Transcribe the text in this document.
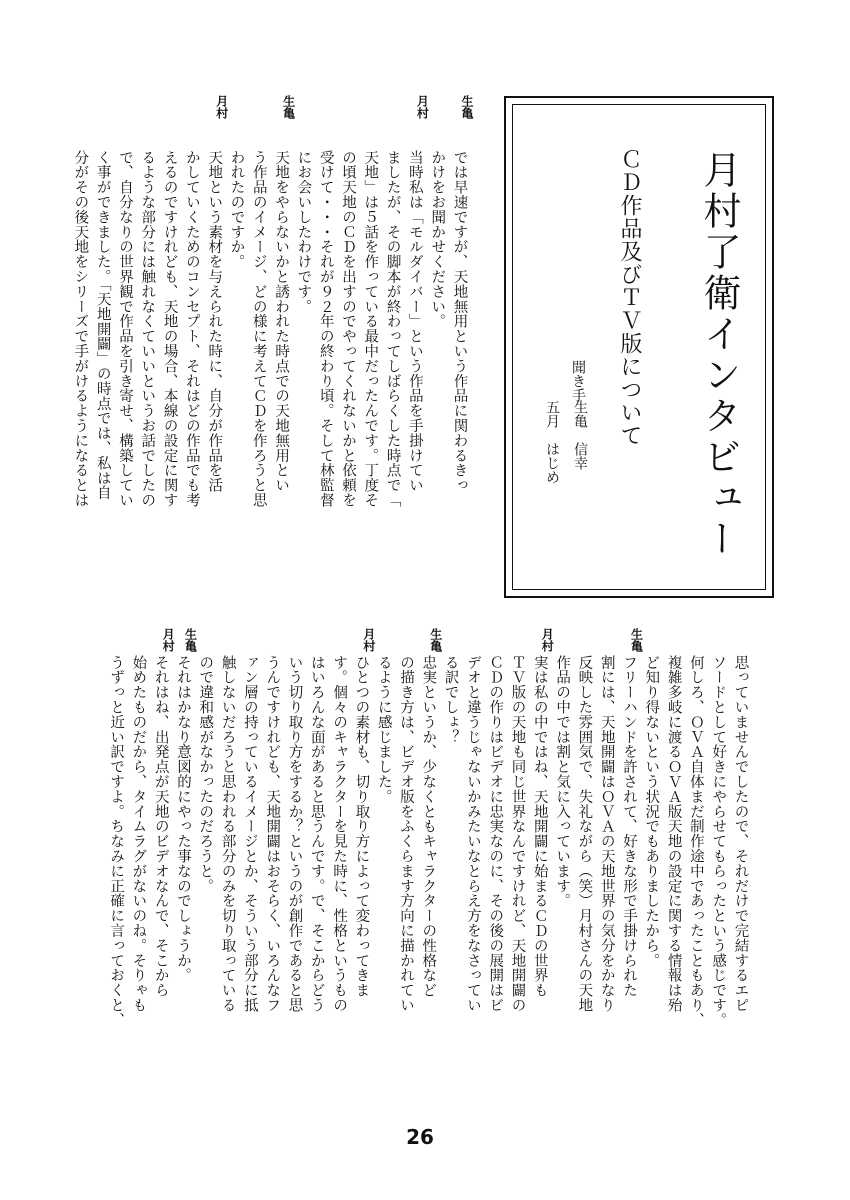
月村了衛インタビュー
ＣＤ作品及びＴＶ版について
聞き手
生亀　信幸
五月　はじめ
生亀
では早速ですが、天地無用という作品に関わるきっ
かけをお聞かせください。
月村
当時私は「モルダイバー」という作品を手掛けてい
ましたが、その脚本が終わってしばらくした時点で「
天地」は５話を作っている最中だったんです。丁度そ
の頃天地のＣＤを出すのでやってくれないかと依頼を
受けて・・・それが９２年の終わり頃。そして林監督
にお会いしたわけです。
生亀
天地をやらないかと誘われた時点での天地無用とい
う作品のイメージ、どの様に考えてＣＤを作ろうと思
われたのですか。
月村
天地という素材を与えられた時に、自分が作品を活
かしていくためのコンセプト、それはどの作品でも考
えるのですけれども、天地の場合、本線の設定に関す
るような部分には触れなくていいというお話でしたの
で、自分なりの世界観で作品を引き寄せ、構築してい
く事ができました。「天地開闢」の時点では、私は自
分がその後天地をシリーズで手がけるようになるとは
思っていませんでしたので、それだけで完結するエピ
ソードとして好きにやらせてもらったという感じです。
何しろ、ＯＶＡ自体まだ制作途中であったこともあり、
複雑多岐に渡るＯＶＡ版天地の設定に関する情報は殆
ど知り得ないという状況でもありましたから。
生亀
フリーハンドを許されて、好きな形で手掛けられた
割には、天地開闢はＯＶＡの天地世界の気分をかなり
反映した雰囲気で、失礼ながら（笑）月村さんの天地
作品の中では割と気に入っています。
月村
実は私の中ではね、天地開闢に始まるＣＤの世界も
ＴＶ版の天地も同じ世界なんですけれど、天地開闢の
ＣＤの作りはビデオに忠実なのに、その後の展開はビ
デオと違うじゃないかみたいなとらえ方をなさってい
る訳でしょ？
生亀
忠実というか、少なくともキャラクターの性格など
の描き方は、ビデオ版をふくらます方向に描かれてい
るように感じました。
月村
ひとつの素材も、切り取り方によって変わってきま
す。個々のキャラクターを見た時に、性格というもの
はいろんな面があると思うんです。で、そこからどう
いう切り取り方をするか？というのが創作であると思
うんですけれども、天地開闢はおそらく、いろんなフ
ァン層の持っているイメージとか、そういう部分に抵
触しないだろうと思われる部分のみを切り取っている
ので違和感がなかったのだろうと。
生亀
それはかなり意図的にやった事なのでしょうか。
月村
それはね、出発点が天地のビデオなんで、そこから
始めたものだから、タイムラグがないのね。そりゃも
うずっと近い訳ですよ。ちなみに正確に言っておくと、
26
